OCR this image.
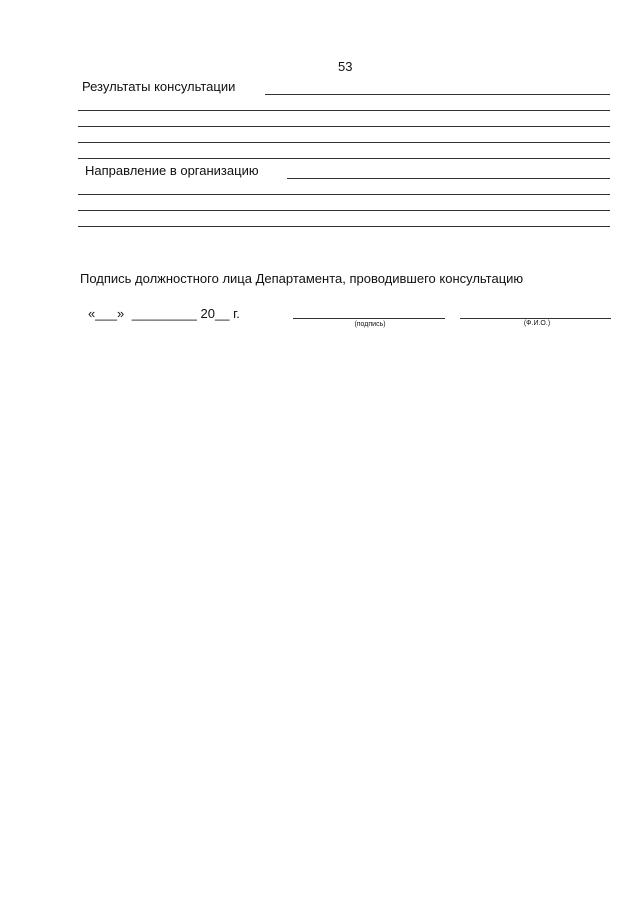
53
Результаты консультации
Направление в организацию
Подпись должностного лица Департамента, проводившего консультацию
«___» _________ 20__ г.
(подпись)	(Ф.И.О.)
